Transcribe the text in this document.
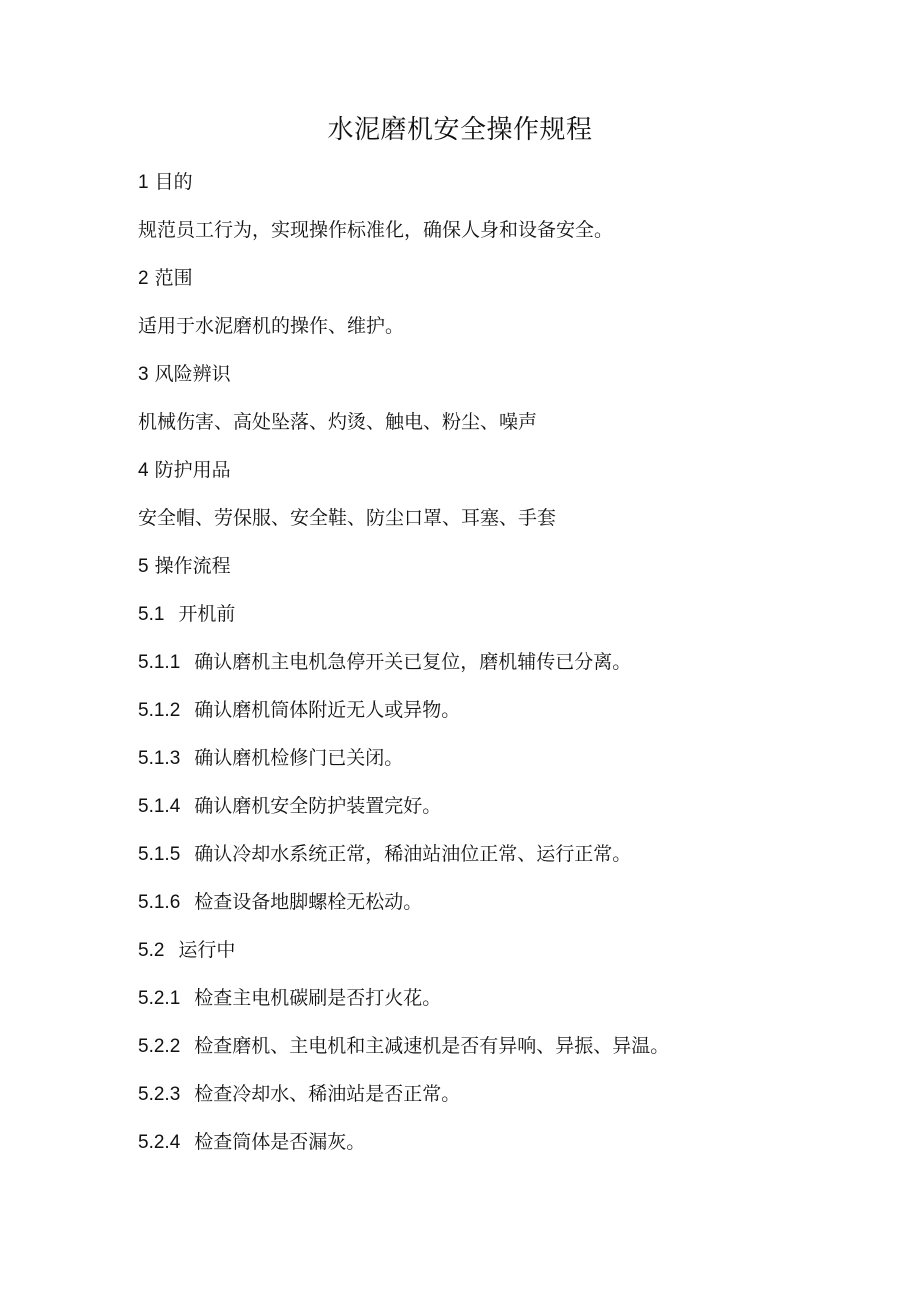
水泥磨机安全操作规程
1 目的
规范员工行为，实现操作标准化，确保人身和设备安全。
2 范围
适用于水泥磨机的操作、维护。
3 风险辨识
机械伤害、高处坠落、灼烫、触电、粉尘、噪声
4 防护用品
安全帽、劳保服、安全鞋、防尘口罩、耳塞、手套
5 操作流程
5.1 开机前
5.1.1 确认磨机主电机急停开关已复位，磨机辅传已分离。
5.1.2 确认磨机筒体附近无人或异物。
5.1.3 确认磨机检修门已关闭。
5.1.4 确认磨机安全防护装置完好。
5.1.5 确认冷却水系统正常，稀油站油位正常、运行正常。
5.1.6 检查设备地脚螺栓无松动。
5.2 运行中
5.2.1 检查主电机碳刷是否打火花。
5.2.2 检查磨机、主电机和主减速机是否有异响、异振、异温。
5.2.3 检查冷却水、稀油站是否正常。
5.2.4 检查筒体是否漏灰。
